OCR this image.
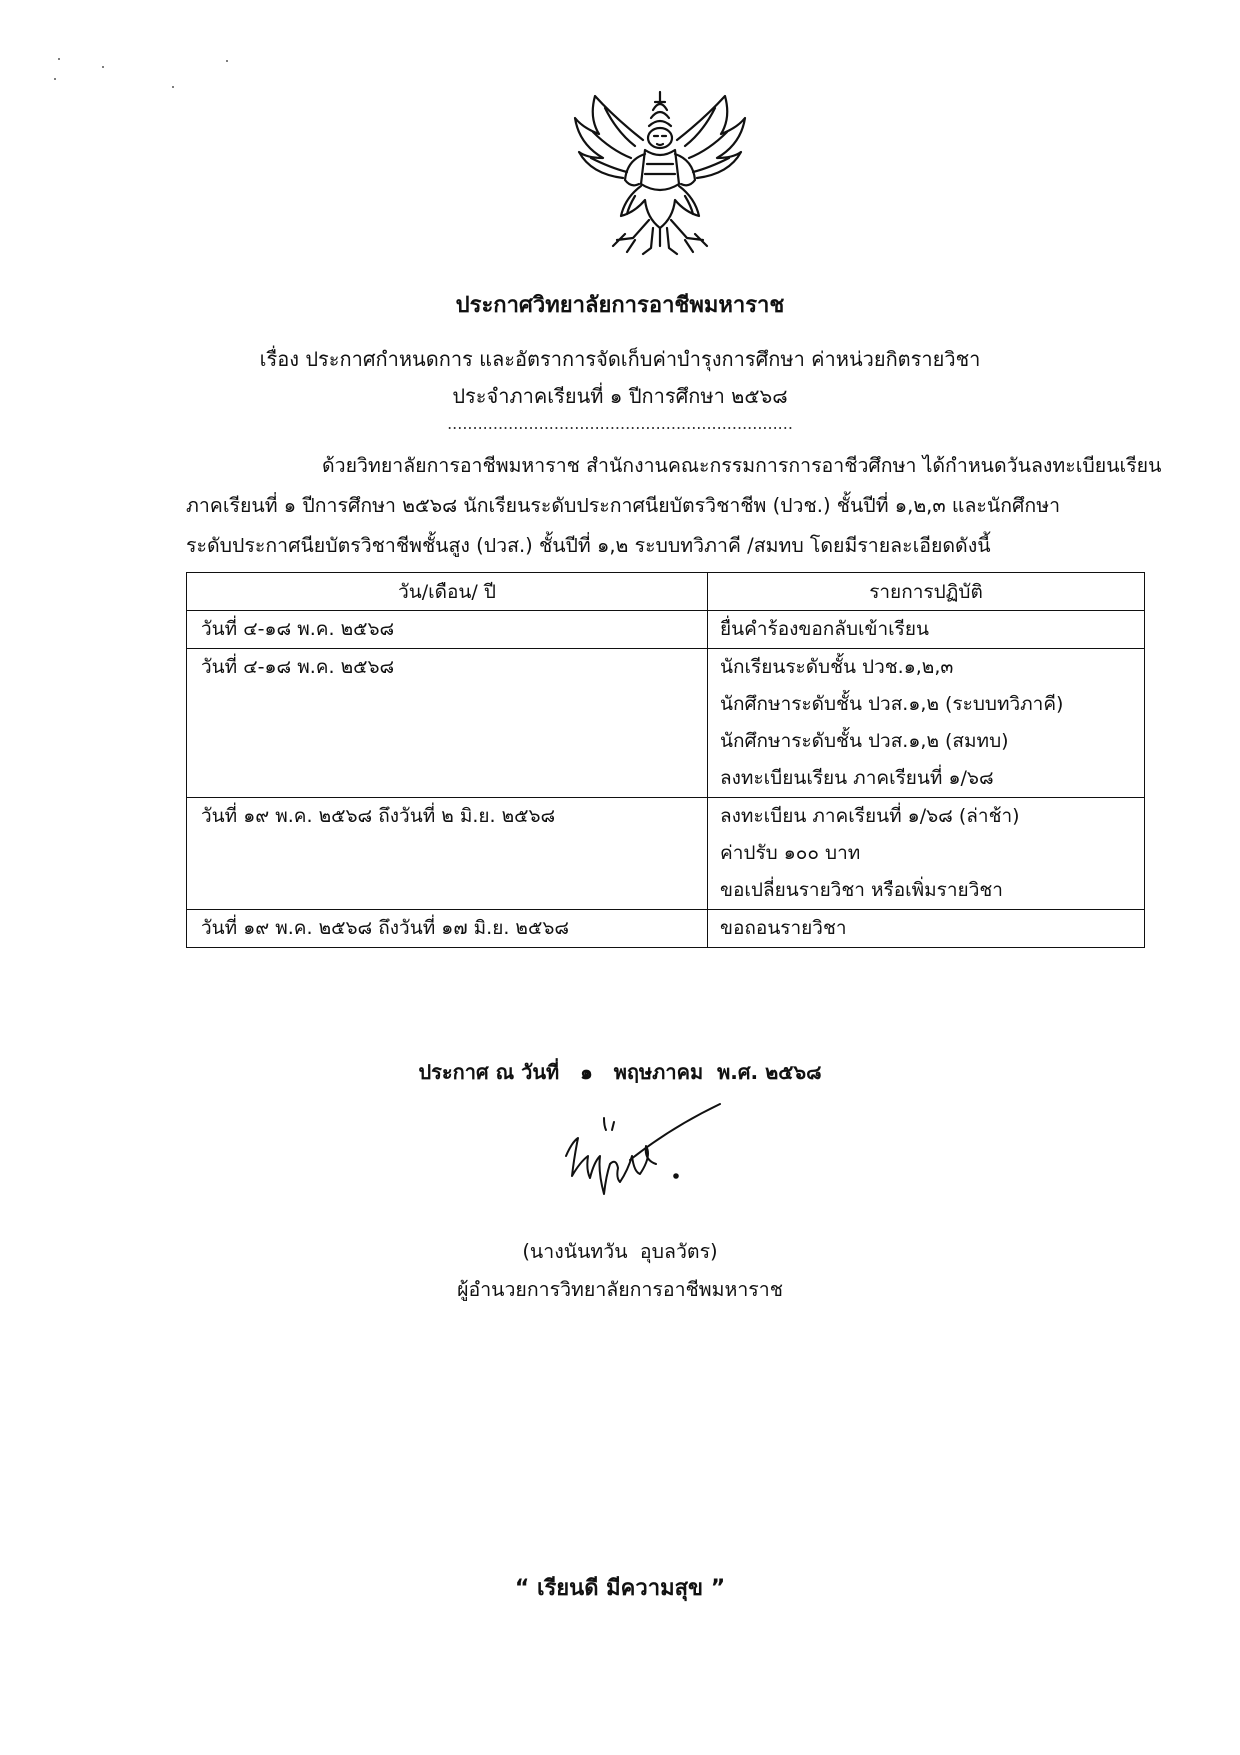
ประกาศวิทยาลัยการอาชีพมหาราช
เรื่อง ประกาศกำหนดการ และอัตราการจัดเก็บค่าบำรุงการศึกษา ค่าหน่วยกิตรายวิชา
ประจำภาคเรียนที่ ๑ ปีการศึกษา ๒๕๖๘
....................................................................
ด้วยวิทยาลัยการอาชีพมหาราช สำนักงานคณะกรรมการการอาชีวศึกษา ได้กำหนดวันลงทะเบียนเรียน
ภาคเรียนที่ ๑ ปีการศึกษา ๒๕๖๘ นักเรียนระดับประกาศนียบัตรวิชาชีพ (ปวช.) ชั้นปีที่ ๑,๒,๓ และนักศึกษา
ระดับประกาศนียบัตรวิชาชีพชั้นสูง (ปวส.) ชั้นปีที่ ๑,๒ ระบบทวิภาคี /สมทบ โดยมีรายละเอียดดังนี้
วัน/เดือน/ ปี	รายการปฏิบัติ

วันที่ ๔-๑๘ พ.ค. ๒๕๖๘	ยื่นคำร้องขอกลับเข้าเรียน

วันที่ ๔-๑๘ พ.ค. ๒๕๖๘	นักเรียนระดับชั้น ปวช.๑,๒,๓
นักศึกษาระดับชั้น ปวส.๑,๒ (ระบบทวิภาคี)
นักศึกษาระดับชั้น ปวส.๑,๒ (สมทบ)
ลงทะเบียนเรียน ภาคเรียนที่ ๑/๖๘

วันที่ ๑๙ พ.ค. ๒๕๖๘ ถึงวันที่ ๒ มิ.ย. ๒๕๖๘	ลงทะเบียน ภาคเรียนที่ ๑/๖๘ (ล่าช้า)
ค่าปรับ ๑๐๐ บาท
ขอเปลี่ยนรายวิชา หรือเพิ่มรายวิชา

วันที่ ๑๙ พ.ค. ๒๕๖๘ ถึงวันที่ ๑๗ มิ.ย. ๒๕๖๘	ขอถอนรายวิชา
ประกาศ ณ วันที่   ๑   พฤษภาคม  พ.ศ. ๒๕๖๘
(นางนันทวัน  อุบลวัตร)
ผู้อำนวยการวิทยาลัยการอาชีพมหาราช
“ เรียนดี มีความสุข ”
